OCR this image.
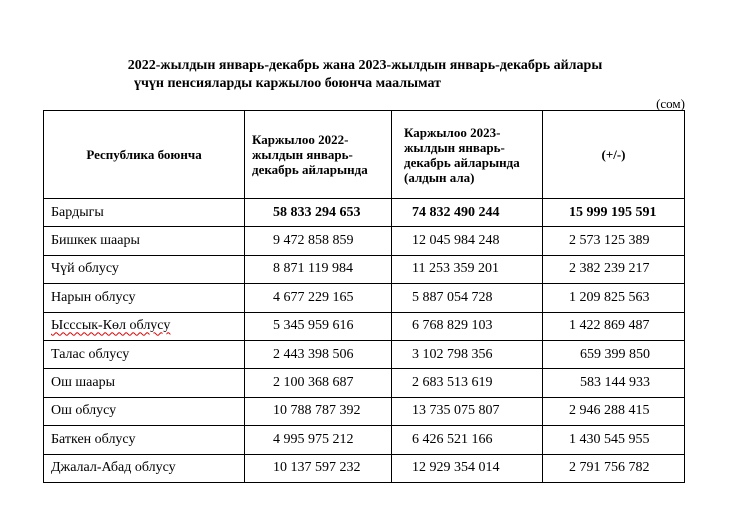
2022-жылдын январь-декабрь жана 2023-жылдын январь-декабрь айлары
үчүн пенсияларды каржылоо боюнча маалымат

(сом)

Республика боюнча	Каржылоо 2022-жылдын январь-декабрь айларында	Каржылоо 2023-жылдын январь-декабрь айларында (алдын ала)	(+/-)
Бардыгы	58 833 294 653	74 832 490 244	15 999 195 591
Бишкек шаары	9 472 858 859	12 045 984 248	2 573 125 389
Чүй облусу	8 871 119 984	11 253 359 201	2 382 239 217
Нарын облусу	4 677 229 165	5 887 054 728	1 209 825 563
Ысссык-Көл облусу	5 345 959 616	6 768 829 103	1 422 869 487
Талас облусу	2 443 398 506	3 102 798 356	659 399 850
Ош шаары	2 100 368 687	2 683 513 619	583 144 933
Ош облусу	10 788 787 392	13 735 075 807	2 946 288 415
Баткен облусу	4 995 975 212	6 426 521 166	1 430 545 955
Джалал-Абад облусу	10 137 597 232	12 929 354 014	2 791 756 782
